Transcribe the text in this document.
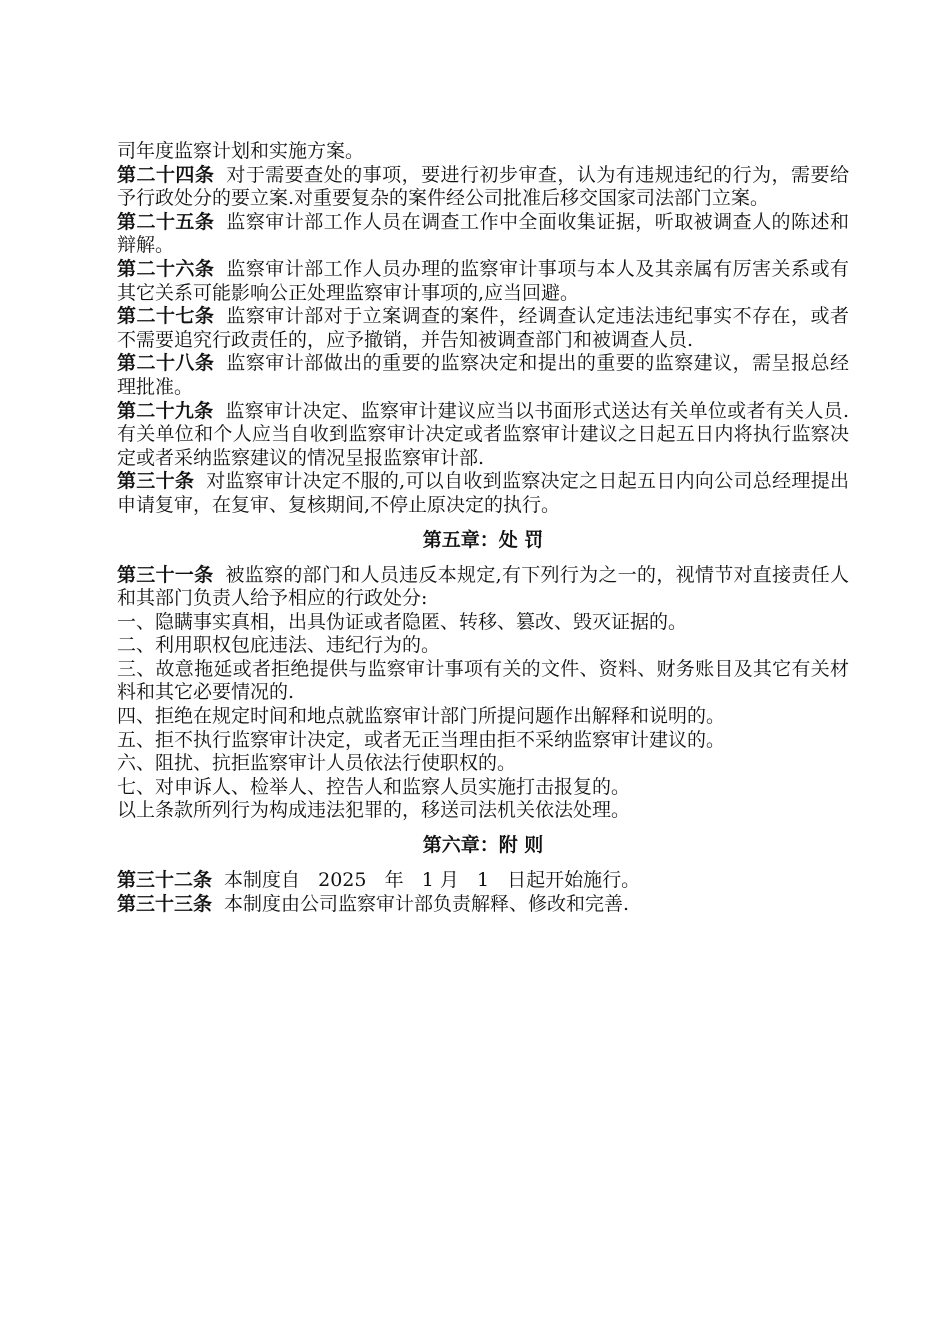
司年度监察计划和实施方案。

第二十四条 对于需要查处的事项，要进行初步审查，认为有违规违纪的行为，需要给予行政处分的要立案.对重要复杂的案件经公司批准后移交国家司法部门立案。

第二十五条 监察审计部工作人员在调查工作中全面收集证据，听取被调查人的陈述和辩解。

第二十六条 监察审计部工作人员办理的监察审计事项与本人及其亲属有厉害关系或有其它关系可能影响公正处理监察审计事项的,应当回避。

第二十七条 监察审计部对于立案调查的案件，经调查认定违法违纪事实不存在，或者不需要追究行政责任的，应予撤销，并告知被调查部门和被调查人员.

第二十八条 监察审计部做出的重要的监察决定和提出的重要的监察建议，需呈报总经理批准。

第二十九条 监察审计决定、监察审计建议应当以书面形式送达有关单位或者有关人员.有关单位和个人应当自收到监察审计决定或者监察审计建议之日起五日内将执行监察决定或者采纳监察建议的情况呈报监察审计部.

第三十条 对监察审计决定不服的,可以自收到监察决定之日起五日内向公司总经理提出申请复审，在复审、复核期间,不停止原决定的执行。

第五章：处 罚

第三十一条 被监察的部门和人员违反本规定,有下列行为之一的，视情节对直接责任人和其部门负责人给予相应的行政处分:

一、隐瞒事实真相，出具伪证或者隐匿、转移、篡改、毁灭证据的。

二、利用职权包庇违法、违纪行为的。

三、故意拖延或者拒绝提供与监察审计事项有关的文件、资料、财务账目及其它有关材料和其它必要情况的.

四、拒绝在规定时间和地点就监察审计部门所提问题作出解释和说明的。

五、拒不执行监察审计决定，或者无正当理由拒不采纳监察审计建议的。

六、阻扰、抗拒监察审计人员依法行使职权的。

七、对申诉人、检举人、控告人和监察人员实施打击报复的。

以上条款所列行为构成违法犯罪的，移送司法机关依法处理。

第六章：附 则

第三十二条 本制度自   2025   年   1 月   1   日起开始施行。

第三十三条 本制度由公司监察审计部负责解释、修改和完善.
